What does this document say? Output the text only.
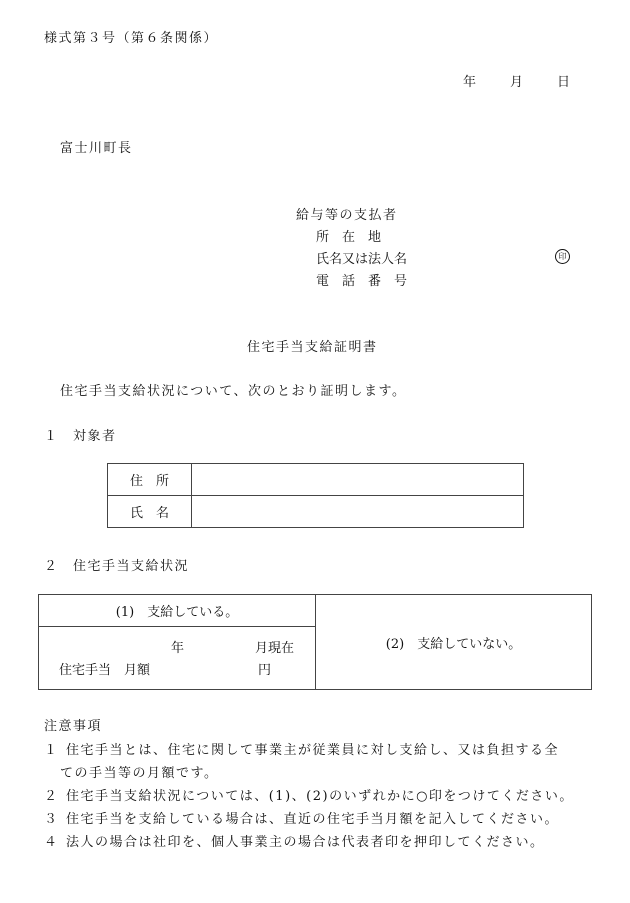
様式第３号（第６条関係）
年	月	日
富士川町長
給与等の支払者
所　在　地
氏名又は法人名	印
電　話　番　号
住宅手当支給証明書
住宅手当支給状況について、次のとおり証明します。
１　対象者
住　所	
氏　名	
２　住宅手当支給状況
(1)　支給している。	(2)　支給していない。

年	月現在
住宅手当　月額	円
注意事項
１ 住宅手当とは、住宅に関して事業主が従業員に対し支給し、又は負担する全
ての手当等の月額です。
２ 住宅手当支給状況については、(1)、(2)のいずれかに○印をつけてください。
３ 住宅手当を支給している場合は、直近の住宅手当月額を記入してください。
４ 法人の場合は社印を、個人事業主の場合は代表者印を押印してください。
